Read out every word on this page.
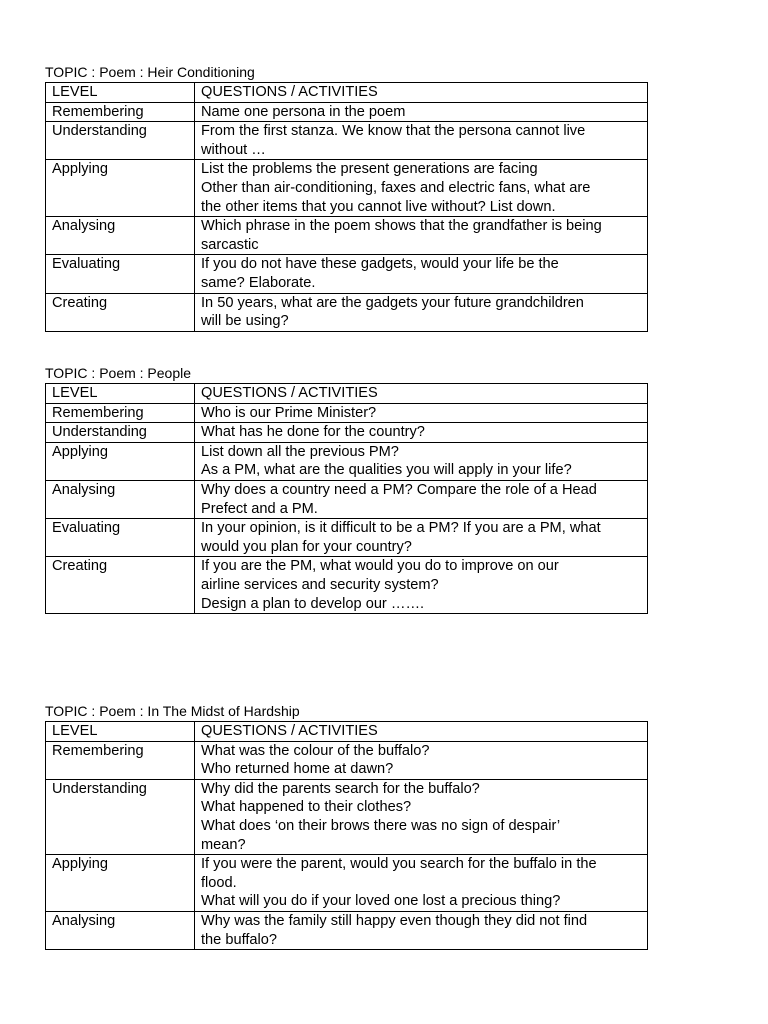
TOPIC : Poem : Heir Conditioning
LEVEL	QUESTIONS / ACTIVITIES
Remembering	Name one persona in the poem

Understanding	From the first stanza. We know that the persona cannot live
without …

Applying	List the problems the present generations are facing
Other than air-conditioning, faxes and electric fans, what are
the other items that you cannot live without? List down.

Analysing	Which phrase in the poem shows that the grandfather is being
sarcastic

Evaluating	If you do not have these gadgets, would your life be the
same? Elaborate.

Creating	In 50 years, what are the gadgets your future grandchildren
will be using?
TOPIC : Poem : People
LEVEL	QUESTIONS / ACTIVITIES
Remembering	Who is our Prime Minister?

Understanding	What has he done for the country?

Applying	List down all the previous PM?
As a PM, what are the qualities you will apply in your life?

Analysing	Why does a country need a PM? Compare the role of a Head
Prefect and a PM.

Evaluating	In your opinion, is it difficult to be a PM? If you are a PM, what
would you plan for your country?

Creating	If you are the PM, what would you do to improve on our
airline services and security system?
Design a plan to develop our …….
TOPIC : Poem : In The Midst of Hardship
LEVEL	QUESTIONS / ACTIVITIES
Remembering	What was the colour of the buffalo?
Who returned home at dawn?

Understanding	Why did the parents search for the buffalo?
What happened to their clothes?
What does ‘on their brows there was no sign of despair’
mean?

Applying	If you were the parent, would you search for the buffalo in the
flood.
What will you do if your loved one lost a precious thing?

Analysing	Why was the family still happy even though they did not find
the buffalo?
